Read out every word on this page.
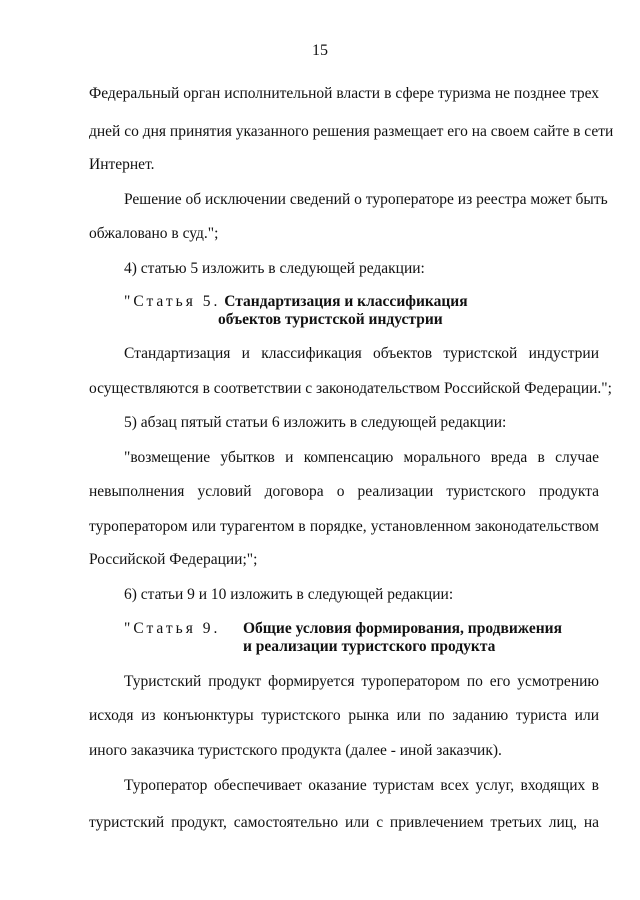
15
Федеральный орган исполнительной власти в сфере туризма не позднее трех
дней со дня принятия указанного решения размещает его на своем сайте в сети
Интернет.
Решение об исключении сведений о туроператоре из реестра может быть
обжаловано в суд.";
4) статью 5 изложить в следующей редакции:
"Статья 5. Стандартизация и классификация
объектов туристской индустрии
Стандартизация и классификация объектов туристской индустрии
осуществляются в соответствии с законодательством Российской Федерации.";
5) абзац пятый статьи 6 изложить в следующей редакции:
"возмещение убытков и компенсацию морального вреда в случае
невыполнения условий договора о реализации туристского продукта
туроператором или турагентом в порядке, установленном законодательством
Российской Федерации;";
6) статьи 9 и 10 изложить в следующей редакции:
"Статья 9.	Общие условия формирования, продвижения
и реализации туристского продукта
Туристский продукт формируется туроператором по его усмотрению
исходя из конъюнктуры туристского рынка или по заданию туриста или
иного заказчика туристского продукта (далее - иной заказчик).
Туроператор обеспечивает оказание туристам всех услуг, входящих в
туристский продукт, самостоятельно или с привлечением третьих лиц, на
